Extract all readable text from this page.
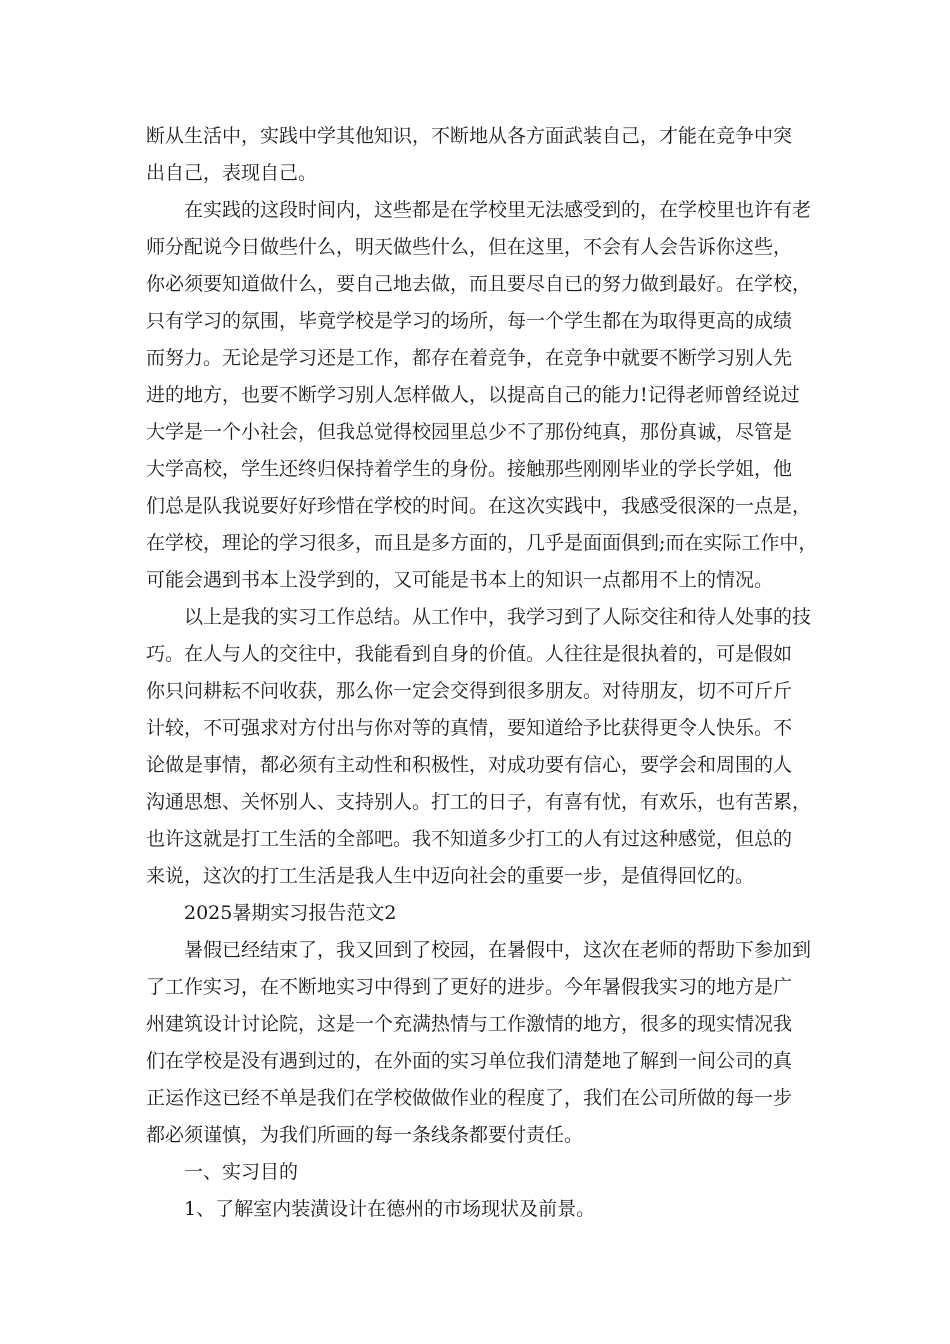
断从生活中，实践中学其他知识，不断地从各方面武装自己，才能在竞争中突
出自己，表现自己。
　　在实践的这段时间内，这些都是在学校里无法感受到的，在学校里也许有老
师分配说今日做些什么，明天做些什么，但在这里，不会有人会告诉你这些，
你必须要知道做什么，要自己地去做，而且要尽自已的努力做到最好。在学校，
只有学习的氛围，毕竟学校是学习的场所，每一个学生都在为取得更高的成绩
而努力。无论是学习还是工作，都存在着竞争，在竞争中就要不断学习别人先
进的地方，也要不断学习别人怎样做人，以提高自己的能力!记得老师曾经说过
大学是一个小社会，但我总觉得校园里总少不了那份纯真，那份真诚，尽管是
大学高校，学生还终归保持着学生的身份。接触那些刚刚毕业的学长学姐，他
们总是队我说要好好珍惜在学校的时间。在这次实践中，我感受很深的一点是，
在学校，理论的学习很多，而且是多方面的，几乎是面面俱到;而在实际工作中，
可能会遇到书本上没学到的，又可能是书本上的知识一点都用不上的情况。
　　以上是我的实习工作总结。从工作中，我学习到了人际交往和待人处事的技
巧。在人与人的交往中，我能看到自身的价值。人往往是很执着的，可是假如
你只问耕耘不问收获，那么你一定会交得到很多朋友。对待朋友，切不可斤斤
计较，不可强求对方付出与你对等的真情，要知道给予比获得更令人快乐。不
论做是事情，都必须有主动性和积极性，对成功要有信心，要学会和周围的人
沟通思想、关怀别人、支持别人。打工的日子，有喜有忧，有欢乐，也有苦累，
也许这就是打工生活的全部吧。我不知道多少打工的人有过这种感觉，但总的
来说，这次的打工生活是我人生中迈向社会的重要一步，是值得回忆的。
　　2025暑期实习报告范文2
　　暑假已经结束了，我又回到了校园，在暑假中，这次在老师的帮助下参加到
了工作实习，在不断地实习中得到了更好的进步。今年暑假我实习的地方是广
州建筑设计讨论院，这是一个充满热情与工作激情的地方，很多的现实情况我
们在学校是没有遇到过的，在外面的实习单位我们清楚地了解到一间公司的真
正运作这已经不单是我们在学校做做作业的程度了，我们在公司所做的每一步
都必须谨慎，为我们所画的每一条线条都要付责任。
　　一、实习目的
　　1、了解室内装潢设计在德州的市场现状及前景。
